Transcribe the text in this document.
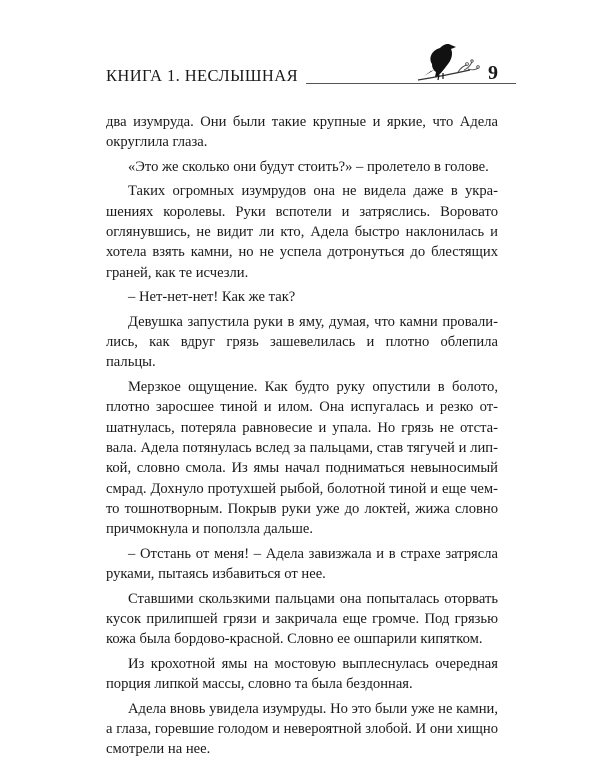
КНИГА 1. НЕСЛЫШНАЯ	9

два изумруда. Они были такие крупные и яркие, что Адела округлила глаза.

«Это же сколько они будут стоить?» – пролетело в голове.

Таких огромных изумрудов она не видела даже в украшениях королевы. Руки вспотели и затряслись. Воровато оглянувшись, не видит ли кто, Адела быстро наклонилась и хотела взять камни, но не успела дотронуться до блестящих граней, как те исчезли.

– Нет-нет-нет! Как же так?

Девушка запустила руки в яму, думая, что камни провалились, как вдруг грязь зашевелилась и плотно облепила пальцы.

Мерзкое ощущение. Как будто руку опустили в болото, плотно заросшее тиной и илом. Она испугалась и резко отшатнулась, потеряла равновесие и упала. Но грязь не отставала. Адела потянулась вслед за пальцами, став тягучей и липкой, словно смола. Из ямы начал подниматься невыносимый смрад. Дохнуло протухшей рыбой, болотной тиной и еще чем-то тошнотворным. Покрыв руки уже до локтей, жижа словно причмокнула и поползла дальше.

– Отстань от меня! – Адела завизжала и в страхе затрясла руками, пытаясь избавиться от нее.

Ставшими скользкими пальцами она попыталась оторвать кусок прилипшей грязи и закричала еще громче. Под грязью кожа была бордово-красной. Словно ее ошпарили кипятком.

Из крохотной ямы на мостовую выплеснулась очередная порция липкой массы, словно та была бездонная.

Адела вновь увидела изумруды. Но это были уже не камни, а глаза, горевшие голодом и невероятной злобой. И они хищно смотрели на нее.
